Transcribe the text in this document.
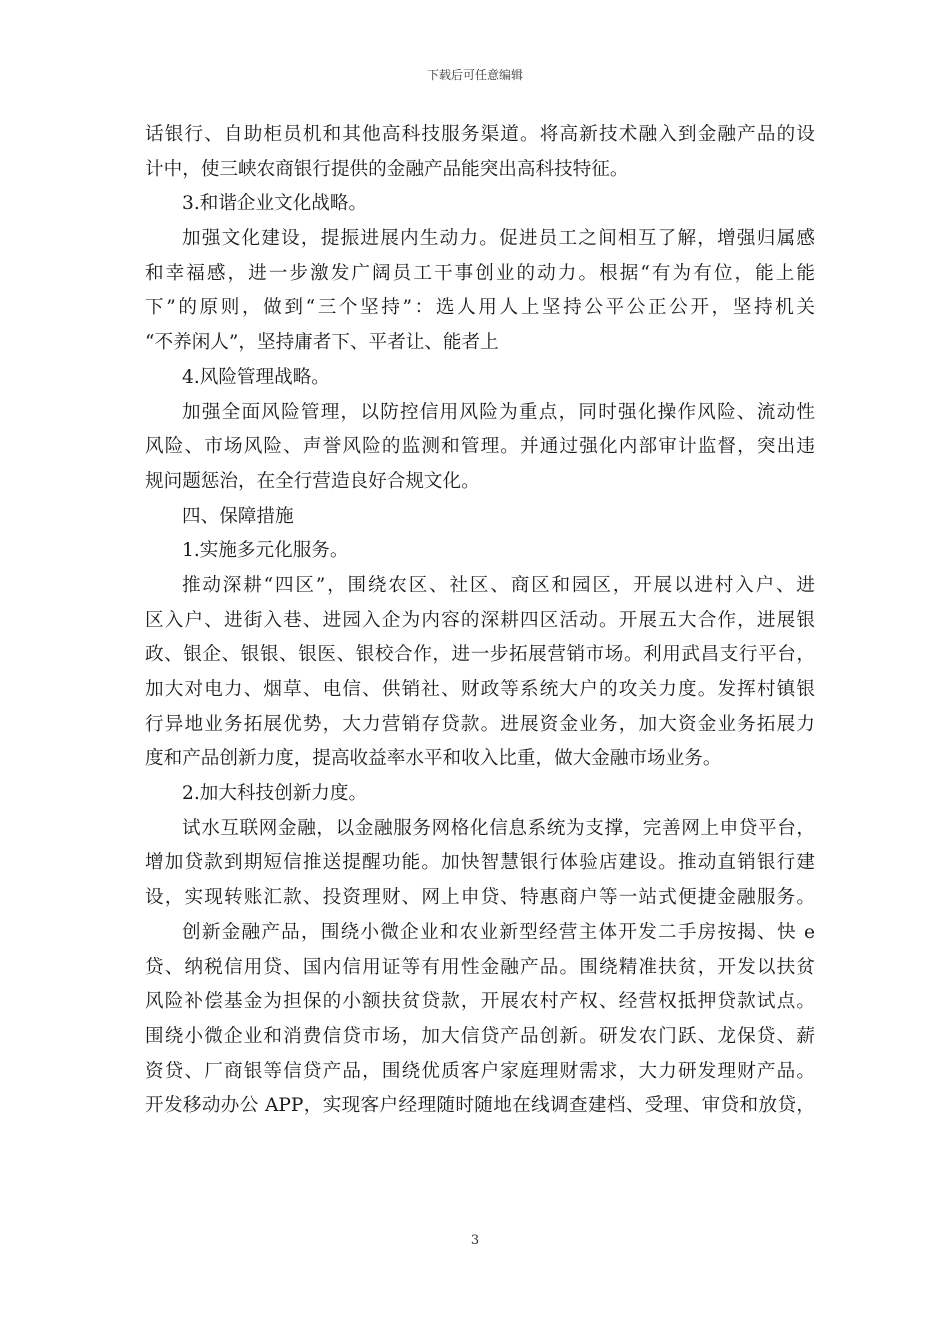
下载后可任意编辑
话银行、自助柜员机和其他高科技服务渠道。将高新技术融入到金融产品的设
计中，使三峡农商银行提供的金融产品能突出高科技特征。
3.和谐企业文化战略。
加强文化建设，提振进展内生动力。促进员工之间相互了解，增强归属感
和幸福感，进一步激发广阔员工干事创业的动力。根据“有为有位，能上能
下”的原则，做到“三个坚持”：选人用人上坚持公平公正公开，坚持机关
“不养闲人”，坚持庸者下、平者让、能者上
4.风险管理战略。
加强全面风险管理，以防控信用风险为重点，同时强化操作风险、流动性
风险、市场风险、声誉风险的监测和管理。并通过强化内部审计监督，突出违
规问题惩治，在全行营造良好合规文化。
四、保障措施
1.实施多元化服务。
推动深耕“四区”，围绕农区、社区、商区和园区，开展以进村入户、进
区入户、进街入巷、进园入企为内容的深耕四区活动。开展五大合作，进展银
政、银企、银银、银医、银校合作，进一步拓展营销市场。利用武昌支行平台，
加大对电力、烟草、电信、供销社、财政等系统大户的攻关力度。发挥村镇银
行异地业务拓展优势，大力营销存贷款。进展资金业务，加大资金业务拓展力
度和产品创新力度，提高收益率水平和收入比重，做大金融市场业务。
2.加大科技创新力度。
试水互联网金融，以金融服务网格化信息系统为支撑，完善网上申贷平台，
增加贷款到期短信推送提醒功能。加快智慧银行体验店建设。推动直销银行建
设，实现转账汇款、投资理财、网上申贷、特惠商户等一站式便捷金融服务。
创新金融产品，围绕小微企业和农业新型经营主体开发二手房按揭、快 e
贷、纳税信用贷、国内信用证等有用性金融产品。围绕精准扶贫，开发以扶贫
风险补偿基金为担保的小额扶贫贷款，开展农村产权、经营权抵押贷款试点。
围绕小微企业和消费信贷市场，加大信贷产品创新。研发农门跃、龙保贷、薪
资贷、厂商银等信贷产品，围绕优质客户家庭理财需求，大力研发理财产品。
开发移动办公 APP，实现客户经理随时随地在线调查建档、受理、审贷和放贷，
3
